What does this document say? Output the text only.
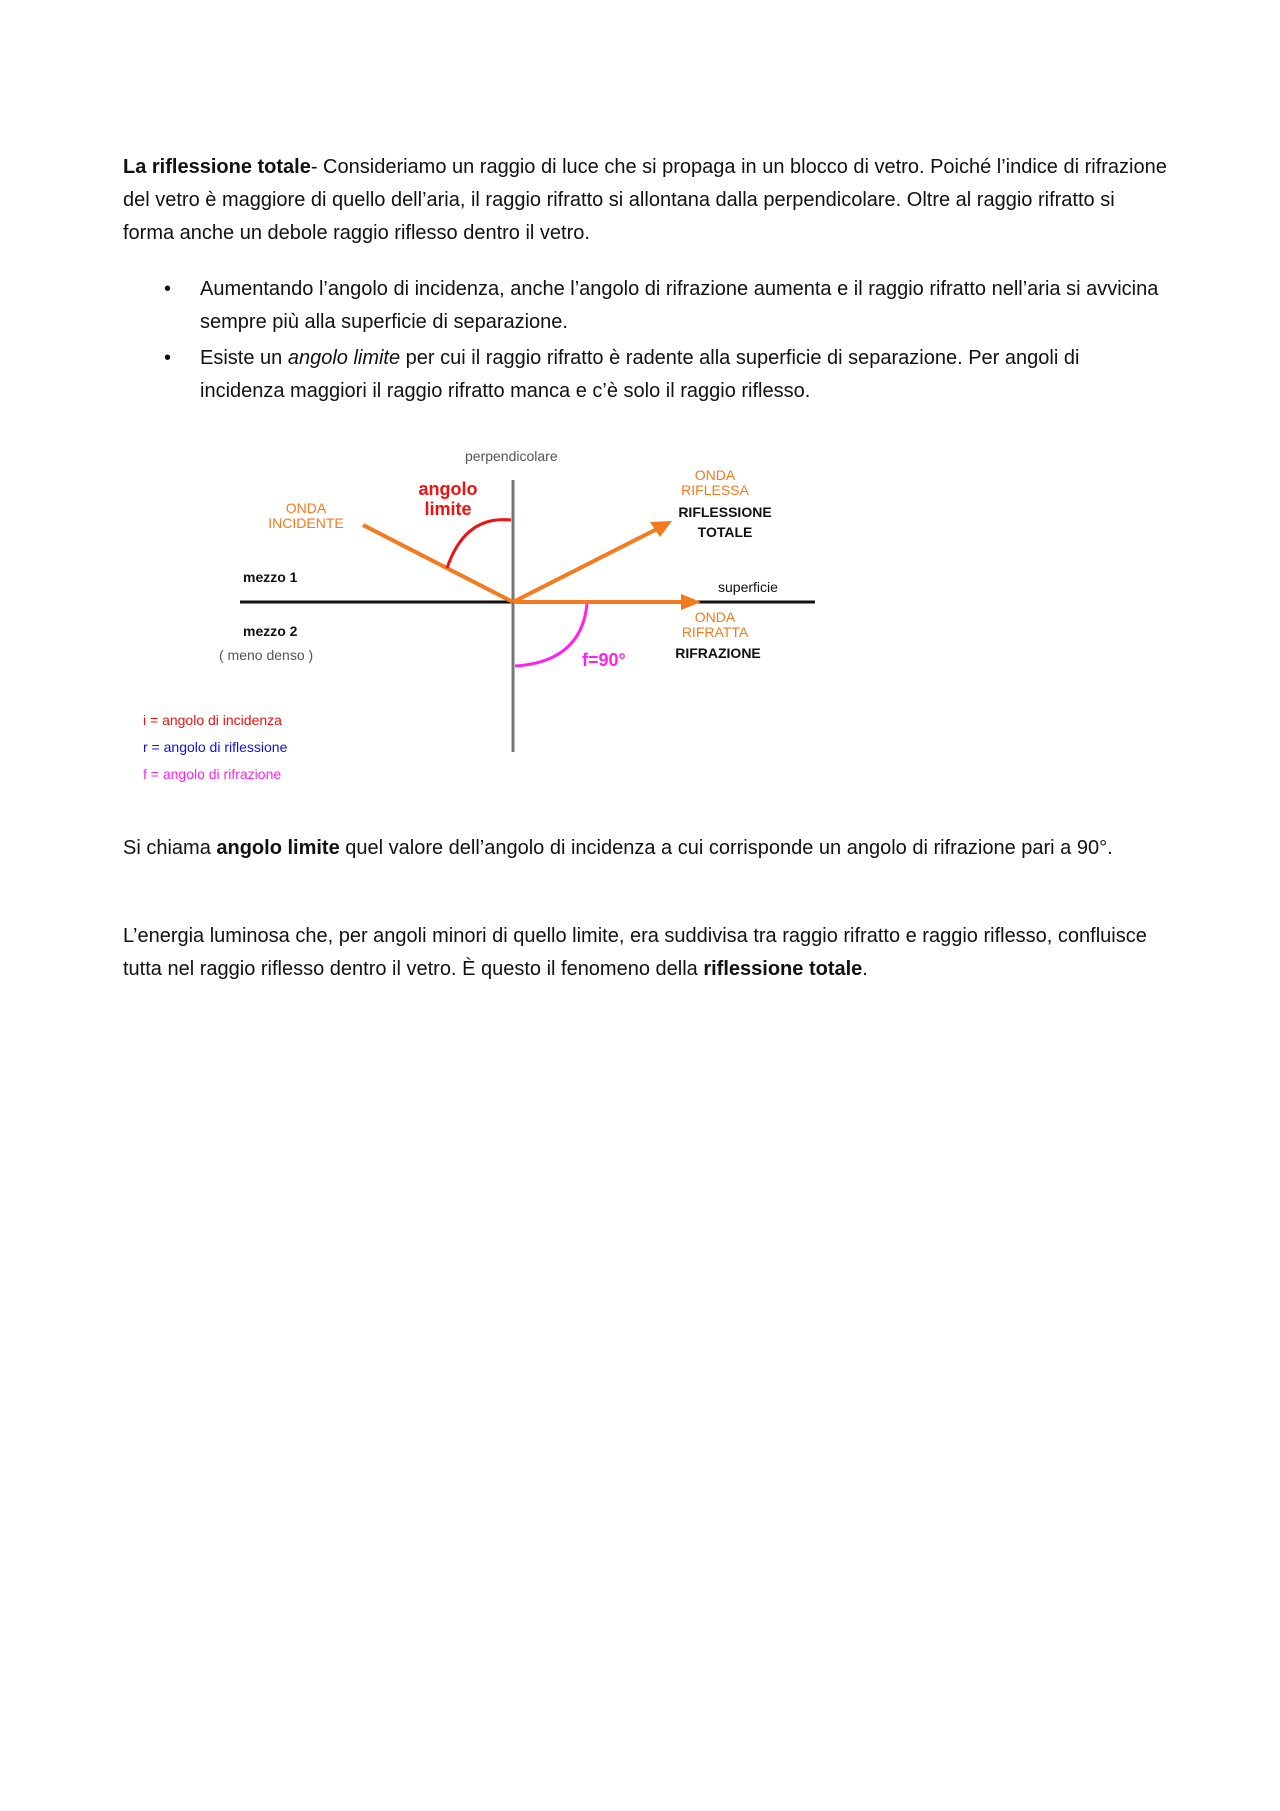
La riflessione totale- Consideriamo un raggio di luce che si propaga in un blocco di vetro. Poiché l’indice di rifrazione del vetro è maggiore di quello dell’aria, il raggio rifratto si allontana dalla perpendicolare. Oltre al raggio rifratto si forma anche un debole raggio riflesso dentro il vetro.
• Aumentando l’angolo di incidenza, anche l’angolo di rifrazione aumenta e il raggio rifratto nell’aria si avvicina sempre più alla superficie di separazione.
• Esiste un angolo limite per cui il raggio rifratto è radente alla superficie di separazione. Per angoli di incidenza maggiori il raggio rifratto manca e c’è solo il raggio riflesso.
perpendicolare
angolo
limite
ONDA
INCIDENTE
ONDA
RIFLESSA
RIFLESSIONE
TOTALE
mezzo 1
superficie
mezzo 2
( meno denso )
ONDA
RIFRATTA
RIFRAZIONE
f=90°
i = angolo di incidenza
r = angolo di riflessione
f = angolo di rifrazione
Si chiama angolo limite quel valore dell’angolo di incidenza a cui corrisponde un angolo di rifrazione pari a 90°.
L’energia luminosa che, per angoli minori di quello limite, era suddivisa tra raggio rifratto e raggio riflesso, confluisce tutta nel raggio riflesso dentro il vetro. È questo il fenomeno della riflessione totale.
